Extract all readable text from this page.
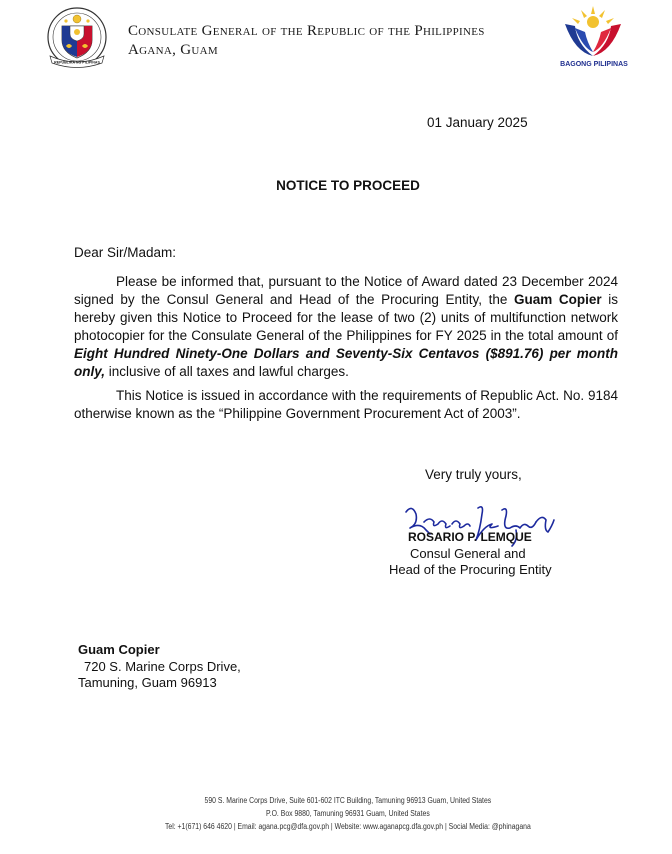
REPUBLIKA NG PILIPINAS
Consulate General of the Republic of the Philippines
Agana, Guam
BAGONG PILIPINAS
01 January 2025
NOTICE TO PROCEED
Dear Sir/Madam:

Please be informed that, pursuant to the Notice of Award dated 23 December 2024 signed by the Consul General and Head of the Procuring Entity, the Guam Copier is hereby given this Notice to Proceed for the lease of two (2) units of multifunction network photocopier for the Consulate General of the Philippines for FY 2025 in the total amount of Eight Hundred Ninety-One Dollars and Seventy-Six Centavos ($891.76) per month only, inclusive of all taxes and lawful charges.

This Notice is issued in accordance with the requirements of Republic Act. No. 9184 otherwise known as the “Philippine Government Procurement Act of 2003”.

Very truly yours,
ROSARIO P. LEMQUE
Consul General and
Head of the Procuring Entity
Guam Copier
720 S. Marine Corps Drive,
Tamuning, Guam 96913
590 S. Marine Corps Drive, Suite 601-602 ITC Building, Tamuning 96913 Guam, United States
P.O. Box 9880, Tamuning 96931 Guam, United States
Tel: +1(671) 646 4620 | Email: agana.pcg@dfa.gov.ph | Website: www.aganapcg.dfa.gov.ph | Social Media: @phinagana
